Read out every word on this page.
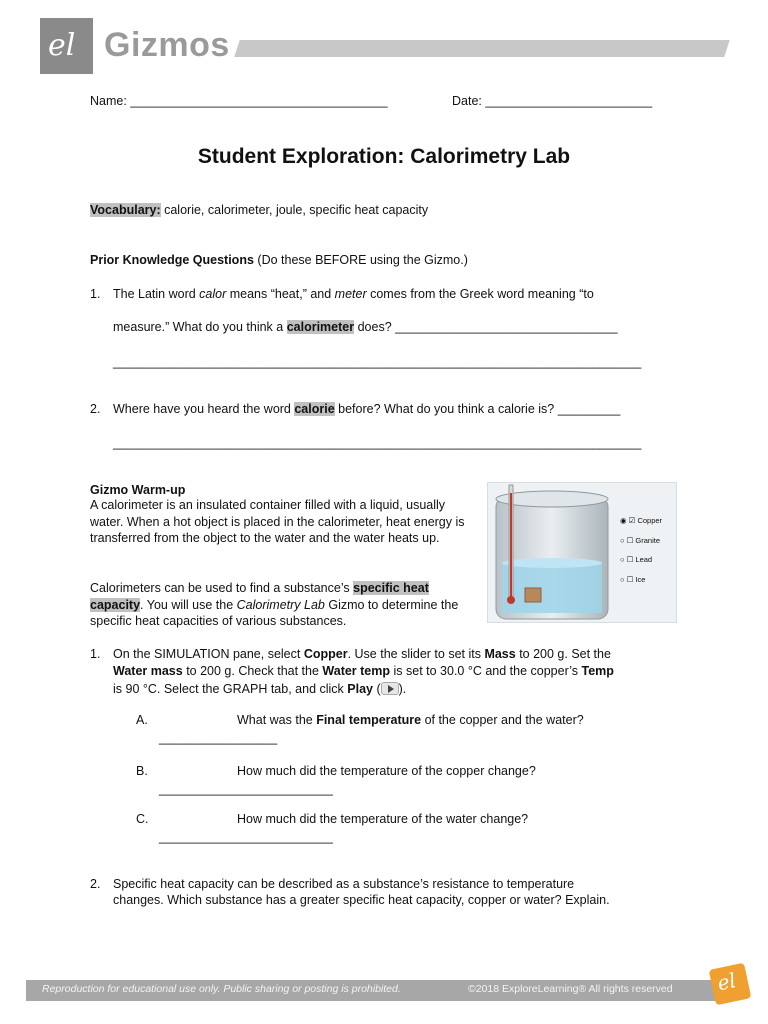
el Gizmos
Name: _____________________________________	Date: ________________________
Student Exploration: Calorimetry Lab
Vocabulary: calorie, calorimeter, joule, specific heat capacity
Prior Knowledge Questions (Do these BEFORE using the Gizmo.)
1. The Latin word calor means “heat,” and meter comes from the Greek word meaning “to
measure.” What do you think a calorimeter does? ________________________________
____________________________________________________________________________
2. Where have you heard the word calorie before? What do you think a calorie is? _________
____________________________________________________________________________
Gizmo Warm-up
A calorimeter is an insulated container filled with a liquid, usually water. When a hot object is placed in the calorimeter, heat energy is transferred from the object to the water and the water heats up.
Calorimeters can be used to find a substance’s specific heat capacity. You will use the Calorimetry Lab Gizmo to determine the specific heat capacities of various substances.
◉ ☑ Copper
○ ☐ Granite
○ ☐ Lead
○ ☐ Ice
1. On the SIMULATION pane, select Copper. Use the slider to set its Mass to 200 g. Set the
Water mass to 200 g. Check that the Water temp is set to 30.0 °C and the copper’s Temp
is 90 °C. Select the GRAPH tab, and click Play ( ).
A.	What was the Final temperature of the copper and the water?
_________________
B.	How much did the temperature of the copper change?
_________________________
C.	How much did the temperature of the water change?
_________________________
2. Specific heat capacity can be described as a substance’s resistance to temperature
changes. Which substance has a greater specific heat capacity, copper or water? Explain.
Reproduction for educational use only. Public sharing or posting is prohibited.	©2018 ExploreLearning® All rights reserved el
